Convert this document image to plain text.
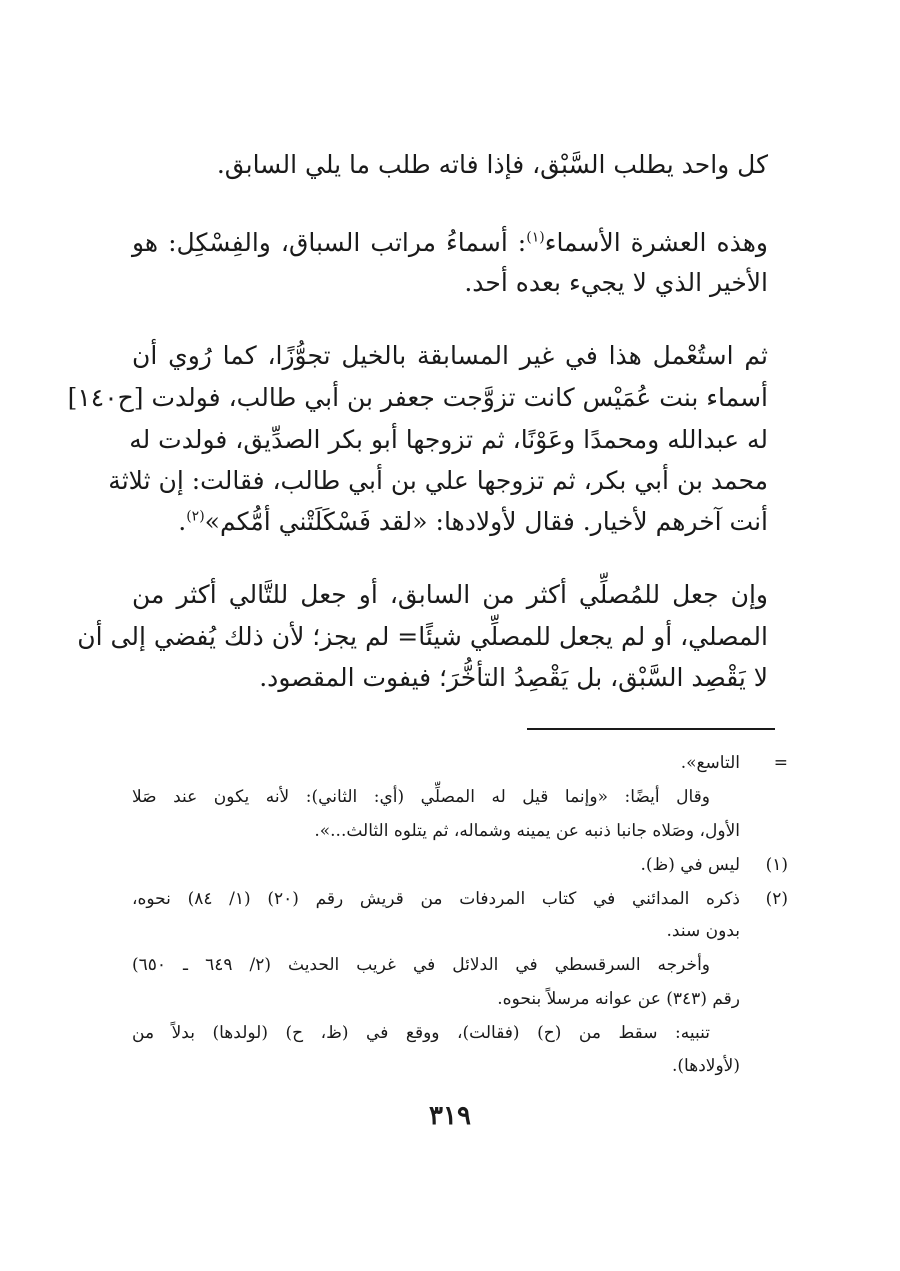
كل واحد يطلب السَّبْق، فإذا فاته طلب ما يلي السابق.
وهذه العشرة الأسماء$^{(١)}$: أسماءُ مراتب السباق، والفِسْكِل: هو
الأخير الذي لا يجيء بعده أحد.
ثم استُعْمل هذا في غير المسابقة بالخيل تجوُّزًا، كما رُوي أن
أسماء بنت عُمَيْس كانت تزوَّجت جعفر بن أبي طالب، فولدت [ح١٤٠]
له عبدالله ومحمدًا وعَوْنًا، ثم تزوجها أبو بكر الصدِّيق، فولدت له
محمد بن أبي بكر، ثم تزوجها علي بن أبي طالب، فقالت: إن ثلاثة
أنت آخرهم لأخيار. فقال لأولادها: «لقد فَسْكَلَتْني أمُّكم»$^{(٢)}$.
وإن جعل للمُصلِّي أكثر من السابق، أو جعل للتَّالي أكثر من
المصلي، أو لم يجعل للمصلِّي شيئًا= لم يجز؛ لأن ذلك يُفضي إلى أن
لا يَقْصِد السَّبْق، بل يَقْصِدُ التأخُّرَ؛ فيفوت المقصود.
=
التاسع».
وقال أيضًا: «وإنما قيل له المصلِّي (أي: الثاني): لأنه يكون عند صَلا
الأول، وصَلاه جانبا ذنبه عن يمينه وشماله، ثم يتلوه الثالث...».
(١)
ليس في (ظ).
(٢)
ذكره المدائني في كتاب المردفات من قريش رقم (٢٠) (١/ ٨٤) نحوه،
بدون سند.
وأخرجه السرقسطي في الدلائل في غريب الحديث (٢/ ٦٤٩ ـ ٦٥٠)
رقم (٣٤٣) عن عوانه مرسلاً بنحوه.
تنبيه: سقط من (ح) (فقالت)، ووقع في (ظ، ح) (لولدها) بدلاً من
(لأولادها).
٣١٩
